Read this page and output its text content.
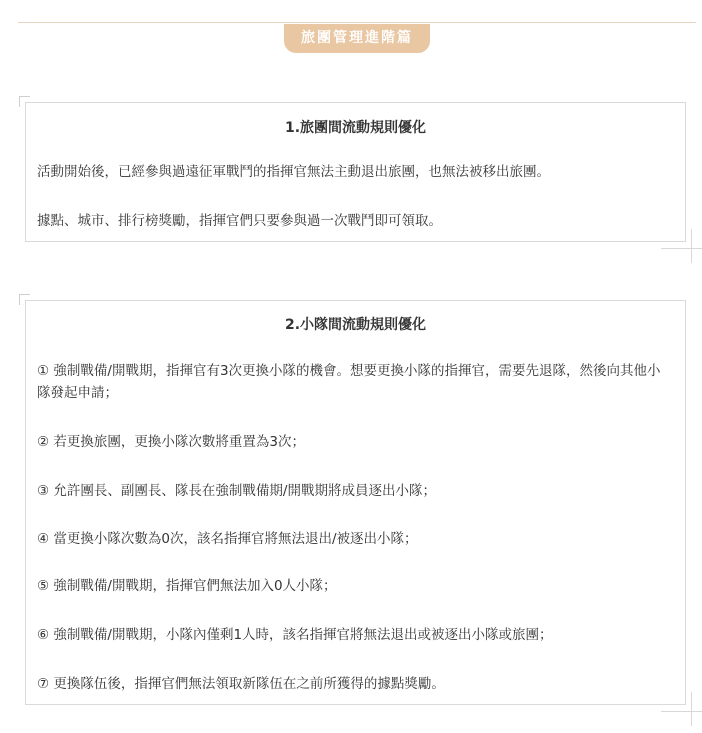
旅團管理進階篇
1.旅團間流動規則優化
活動開始後，已經參與過遠征軍戰鬥的指揮官無法主動退出旅團，也無法被移出旅團。
據點、城市、排行榜獎勵，指揮官們只要參與過一次戰鬥即可領取。
2.小隊間流動規則優化
① 強制戰備/開戰期，指揮官有3次更換小隊的機會。想要更換小隊的指揮官，需要先退隊，然後向其他小隊發起申請；
② 若更換旅團，更換小隊次數將重置為3次；
③ 允許團長、副團長、隊長在強制戰備期/開戰期將成員逐出小隊；
④ 當更換小隊次數為0次，該名指揮官將無法退出/被逐出小隊；
⑤ 強制戰備/開戰期，指揮官們無法加入0人小隊；
⑥ 強制戰備/開戰期，小隊內僅剩1人時，該名指揮官將無法退出或被逐出小隊或旅團；
⑦ 更換隊伍後，指揮官們無法領取新隊伍在之前所獲得的據點獎勵。
